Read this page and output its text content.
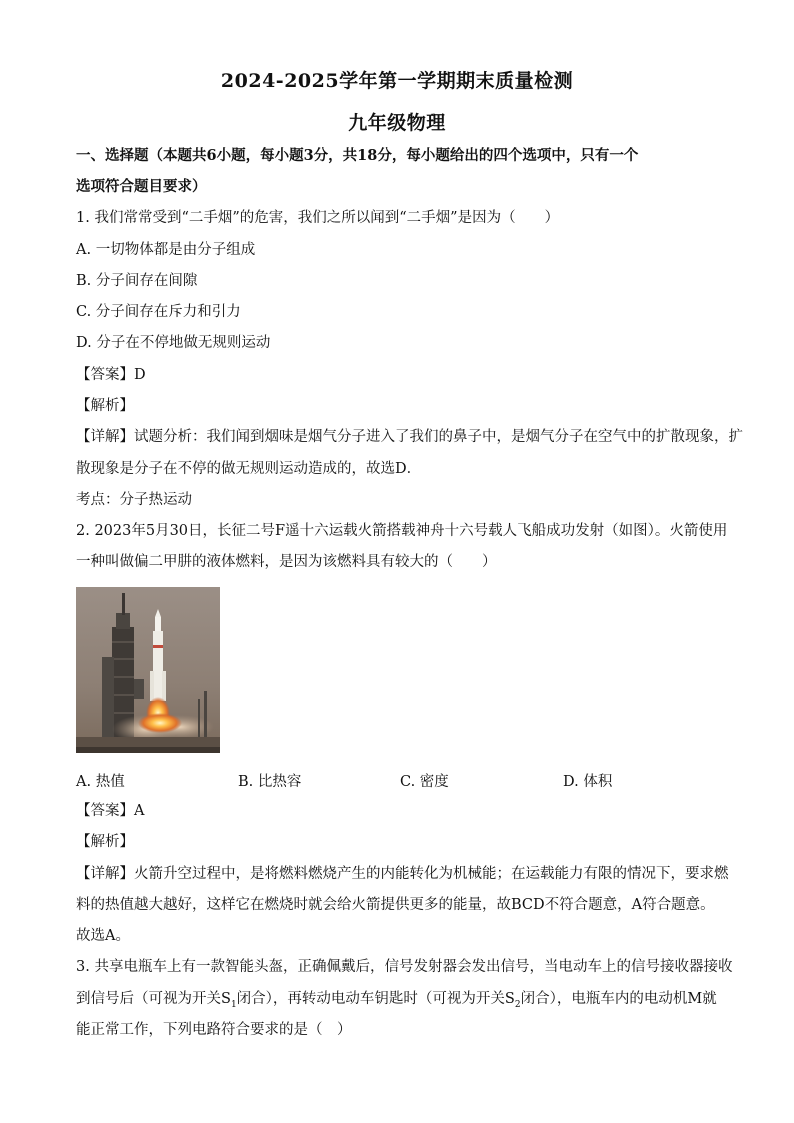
2024-2025学年第一学期期末质量检测
九年级物理
一、选择题（本题共6小题，每小题3分，共18分，每小题给出的四个选项中，只有一个
选项符合题目要求）
1. 我们常常受到“二手烟”的危害，我们之所以闻到“二手烟”是因为（　　）
A. 一切物体都是由分子组成
B. 分子间存在间隙
C. 分子间存在斥力和引力
D. 分子在不停地做无规则运动
【答案】D
【解析】
【详解】试题分析：我们闻到烟味是烟气分子进入了我们的鼻子中，是烟气分子在空气中的扩散现象，扩
散现象是分子在不停的做无规则运动造成的，故选D．
考点：分子热运动
2. 2023年5月30日，长征二号F遥十六运载火箭搭载神舟十六号载人飞船成功发射（如图）。火箭使用
一种叫做偏二甲肼的液体燃料，是因为该燃料具有较大的（　　）
A. 热值	B. 比热容	C. 密度	D. 体积
【答案】A
【解析】
【详解】火箭升空过程中，是将燃料燃烧产生的内能转化为机械能；在运载能力有限的情况下，要求燃
料的热值越大越好，这样它在燃烧时就会给火箭提供更多的能量，故BCD不符合题意，A符合题意。
故选A。
3. 共享电瓶车上有一款智能头盔，正确佩戴后，信号发射器会发出信号，当电动车上的信号接收器接收
到信号后（可视为开关$S_1$闭合），再转动电动车钥匙时（可视为开关$S_2$闭合），电瓶车内的电动机M就
能正常工作，下列电路符合要求的是（　）
